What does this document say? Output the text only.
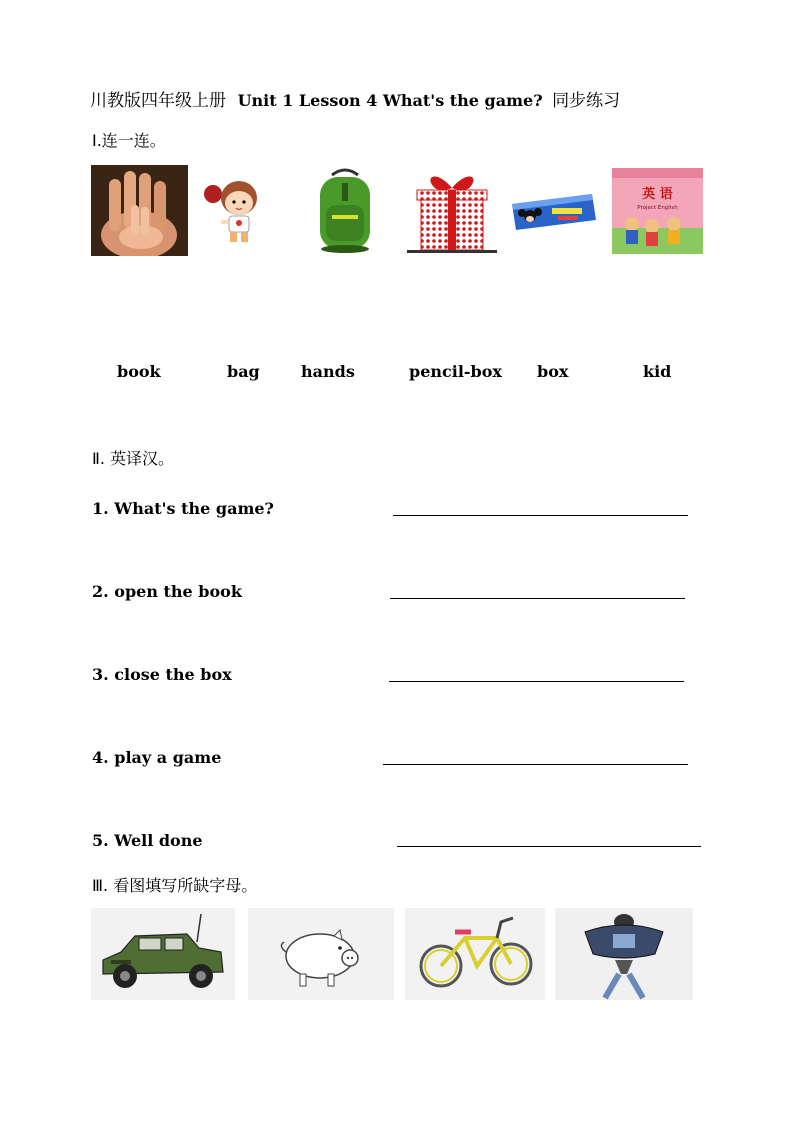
川教版四年级上册 Unit 1 Lesson 4 What's the game? 同步练习
Ⅰ.连一连。
英 语
Project English
book	bag	hands	pencil-box box	kid
Ⅱ. 英译汉。
1. What's the game?
2. open the book
3. close the box
4. play a game
5. Well done
Ⅲ. 看图填写所缺字母。
